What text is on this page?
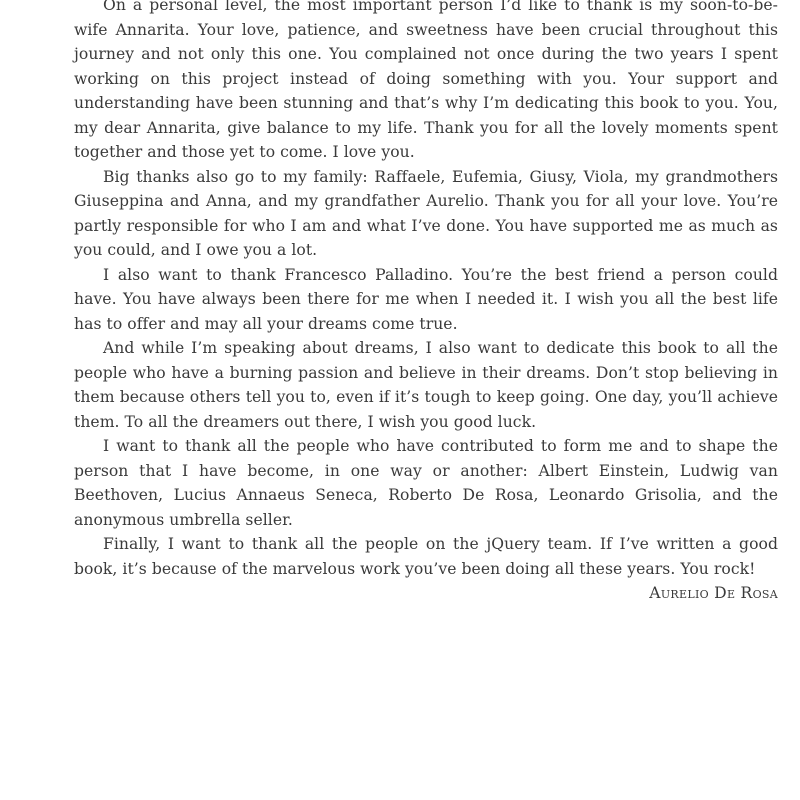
On a personal level, the most important person I’d like to thank is my soon-to-be-wife Annarita. Your love, patience, and sweetness have been crucial throughout this journey and not only this one. You complained not once during the two years I spent working on this project instead of doing something with you. Your support and understanding have been stunning and that’s why I’m dedicating this book to you. You, my dear Annarita, give balance to my life. Thank you for all the lovely moments spent together and those yet to come. I love you.

Big thanks also go to my family: Raffaele, Eufemia, Giusy, Viola, my grandmothers Giuseppina and Anna, and my grandfather Aurelio. Thank you for all your love. You’re partly responsible for who I am and what I’ve done. You have supported me as much as you could, and I owe you a lot.

I also want to thank Francesco Palladino. You’re the best friend a person could have. You have always been there for me when I needed it. I wish you all the best life has to offer and may all your dreams come true.

And while I’m speaking about dreams, I also want to dedicate this book to all the people who have a burning passion and believe in their dreams. Don’t stop believing in them because others tell you to, even if it’s tough to keep going. One day, you’ll achieve them. To all the dreamers out there, I wish you good luck.

I want to thank all the people who have contributed to form me and to shape the person that I have become, in one way or another: Albert Einstein, Ludwig van Beethoven, Lucius Annaeus Seneca, Roberto De Rosa, Leonardo Grisolia, and the anonymous umbrella seller.

Finally, I want to thank all the people on the jQuery team. If I’ve written a good book, it’s because of the marvelous work you’ve been doing all these years. You rock!

Aurelio De Rosa
